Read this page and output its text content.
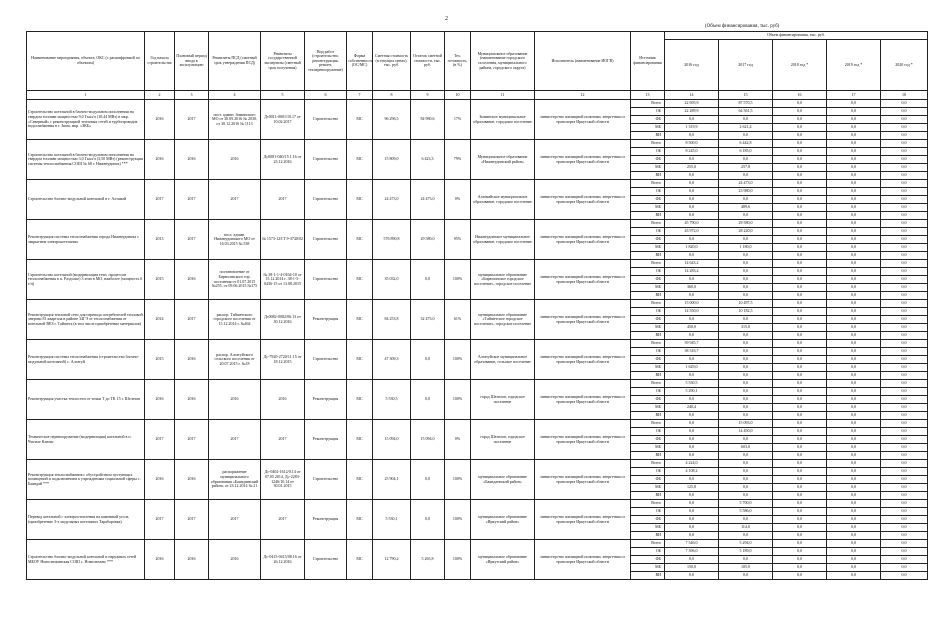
2
(Объем финансирования, тыс. руб)
Наименование мероприятия, объекта, ОКС (с расшифровкой по объектам)	Год начала строительства	Плановый период ввода в эксплуатацию	Реквизиты ПСД (сметный срок утверждения ПСД)	Реквизиты государственной экспертизы (сметный срок получения)	Вид работ (строительство, реконструкция, ремонт, техперевооружение)	Форма собственности (ОС/МС)	Сметная стоимость (в текущих ценах), тыс. руб.	Остаток сметной стоимости, тыс. руб.	Тех. готовность, (в %)	Муниципальное образование (наименование городского поселения, муниципального района, городского округа)	Исполнитель (наименование ИОГВ)	Источник финансирования	Объем финансирования, тыс. руб.				
													2016 год	2017 год	2018 год *	2019 год *	2020 год *
1	2	3	4	5	6	7	8	9	10	11	12	13	14	15	16	17	18
Строительство котельной в блочно-модульном исполнении на твердом топливе мощностью 9,0 Гкал/ч (10,44 МВт) в мкр. «Северный» с реконструкцией тепловых сетей и трубопроводов водоснабжения в г. Зима, мкр. «ЗКБ»	2016	2017	пост. админ. Зиминского МО от 30.09.2016 № 2030, от 30.12.2016 № 1113	Дс0011-0001/10.17 от 10.02.2017	Строительство	МС	96 296,5	84 980,6	17%	Зиминское муниципальное образование, городское поселение	министерство жилищной политики, энергетики и транспорта Иркутской области	Всего	22 695,9	87 570,5	0,0	0,0	0,0
												ОБ	22 289,9	64 561,5	0,0	0,0	0,0
												ФБ	0,0	0,0	0,0	0,0	0,0
												МБ	1 319,9	2 621,4	0,0	0,0	0,0
												ВИ	0,0	0,0	0,0	0,0	0,0
Строительство котельной в блочно-модульном исполнении на твердом топливе мощностью 3,0 Гкал/ч (3,50 МВт) (реконструкция системы теплоснабжения СОШ № 68 г. Нижнеудинск) ***	2016	2016	2016	Дс0081-040/15.1.16 от 23.12.2016	Строительство	МС	15 809,0	6 423,3	79%	Муниципальное образование «Нижнеудинский район»	министерство жилищной политики, энергетики и транспорта Иркутской области	Всего	8 500,0	6 442,8	0,0	0,0	0,0
												ОБ	8 245,0	6 185,0	0,0	0,0	0,0
												ФБ	0,0	0,0	0,0	0,0	0,0
												МБ	255,0	257,8	0,0	0,0	0,0
												ВИ	0,0	0,0	0,0	0,0	0,0
Строительство блочно-модульной котельной в г. Алзамай	2017	2017	2017	2017	Строительство	МС	24 473,0	24 473,0	0%	Алзамайское муниципальное образование, городское поселение	министерство жилищной политики, энергетики и транспорта Иркутской области	Всего	0,0	24 473,0	0,0	0,0	0,0
												ОБ	0,0	23 980,0	0,0	0,0	0,0
												ФБ	0,0	0,0	0,0	0,0	0,0
												МБ	0,0	489,6	0,0	0,0	0,0
												ВИ	0,0	0,0	0,0	0,0	0,0
Реконструкция системы теплоснабжения города Нижнеудинска с закрытием электрокотельных	2013	2017	пост. админ. Нижнеудинского МО от 16.03.2015 № 538	№ 1573-12/ГГЭ-3740/02	Строительство	МС	576 890,8	29 580,0	95%	Нижнеудинское муниципальное образование, городское поселение	министерство жилищной политики, энергетики и транспорта Иркутской области	Всего	45 790,0	29 580,0	0,0	0,0	0,0
												ОБ	43 972,0	28 220,0	0,0	0,0	0,0
												ФБ	0,0	0,0	0,0	0,0	0,0
												МБ	1 820,0	1 180,0	0,0	0,0	0,0
												ВИ	0,0	0,0	0,0	0,0	0,0
Строительство котельной (модернизация техн. процессов теплоснабжения в п. Раздолье) 3 этап в МО, наиболее (мощность 6 т/ч)	2015	2016	постановление от Бирюсинского гор. поселения от 01.07.2015 №255, от 09.06.2015 №175	№ 38-1-1-4-0164-10 от 15.12.2014 г. 38-1-5-0436-15 от 13.08.2015	Строительство	МС	35 032,0	0,0	100%	муниципальное образование «Бирюсинское городское поселение», городское поселение	министерство жилищной политики, энергетики и транспорта Иркутской области	Всего	14 643,2	0,0	0,0	0,0	0,0
												ОБ	14 283,2	0,0	0,0	0,0	0,0
												ФБ	0,0	0,0	0,0	0,0	0,0
												МБ	360,0	0,0	0,0	0,0	0,0
												ВИ	0,0	0,0	0,0	0,0	0,0
Реконструкция тепловой сети для перевода потребителей тепловой энергии 81 квартала в районе 34ГЭ от теплоснабжения от котельной ВЕЗ г. Тайшета (в том числе приобретение материалов)	2014	2017	распор. Тайшетского городского поселения от 15.12.2014 г. №464	Дс0082-0082/06.13 от 30.12.2016	Реконструкция	МС	84 253,8	32 473,0	61%	муниципальное образование «Тайшетское городское поселение», городское поселение	министерство жилищной политики, энергетики и транспорта Иркутской области	Всего	15 000,0	10 497,5	0,0	0,0	0,0
												ОБ	14 550,0	10 182,5	0,0	0,0	0,0
												ФБ	0,0	0,0	0,0	0,0	0,0
												МБ	450,0	315,0	0,0	0,0	0,0
												ВИ	0,0	0,0	0,0	0,0	0,0
Реконструкция системы теплоснабжения (строительство блочно-модульной котельной) с. Алгатуй	2015	2016	распор. Алгатуйского сельского поселения от 20.07.2015 г. №18	Дс-7920-2720/11.15 от 18.12.2015	Строительство	МС	47 309,3	0,0	100%	Алгатуйское муниципальное образование, сельское поселение	министерство жилищной политики, энергетики и транспорта Иркутской области	Всего	39 945,7	0,0	0,0	0,0	0,0
												ОБ	38 316,7	0,0	0,0	0,0	0,0
												ФБ	0,0	0,0	0,0	0,0	0,0
												МБ	1 629,0	0,0	0,0	0,0	0,0
												ВИ	0,0	0,0	0,0	0,0	0,0
Реконструкция участка теплосети от точки Т до ТК 15 г. Шелехов	2016	2016	2016	2016	Реконструкция	МС	5 530,5	0,0	100%	город Шелехов, городское поселение	министерство жилищной политики, энергетики и транспорта Иркутской области	Всего	5 530,5	0,0	0,0	0,0	0,0
												ОБ	5 290,1	0,0	0,0	0,0	0,0
												ФБ	0,0	0,0	0,0	0,0	0,0
												МБ	240,4	0,0	0,0	0,0	0,0
												ВИ	0,0	0,0	0,0	0,0	0,0
Техническое перевооружение (модернизация) котельной в п. Чистые Ключи	2017	2017	2017	2017	Реконструкция	МС	15 094,0	15 094,0	0%	город Шелехов, городское поселение	министерство жилищной политики, энергетики и транспорта Иркутской области	Всего	0,0	15 093,0	0,0	0,0	0,0
												ОБ	0,0	14 450,0	0,0	0,0	0,0
												ФБ	0,0	0,0	0,0	0,0	0,0
												МБ	0,0	603,0	0,0	0,0	0,0
												ВИ	0,0	0,0	0,0	0,0	0,0
Реконструкция теплоснабжения с обустройством пустующих помещений и подключением к учреждениям социальной сферы с. Баяндай ***	2016	2016	распоряжение муниципального образования «Баяндаевский район» от 23.12.2014 № 21	Дс-0402-1612/0.14 от 07.05.2014, Дс-2283-1246/10.14 от 30.01.2015	Строительство	МС	25 904,1	0,0	100%	муниципальное образование «Баяндаевский район»	министерство жилищной политики, энергетики и транспорта Иркутской области	Всего	4 224,0	0,0	0,0	0,0	0,0
												ОБ	4 108,2	0,0	0,0	0,0	0,0
												ФБ	0,0	0,0	0,0	0,0	0,0
												МБ	125,8	0,0	0,0	0,0	0,0
												ВИ	0,0	0,0	0,0	0,0	0,0
Перевод котельной с электроотопления на каменный уголь (приобретение 3-х модульных котельных Тарабаровка)	2017	2017	2017	2017	Реконструкция	МС	5 530,1	0,0	100%	муниципальное образование «Иркутский район»	министерство жилищной политики, энергетики и транспорта Иркутской области	Всего	0,0	5 700,0	0,0	0,0	0,0
												ОБ	0,0	5 586,0	0,0	0,0	0,0
												ФБ	0,0	0,0	0,0	0,0	0,0
												МБ	0,0	114,0	0,0	0,0	0,0
												ВИ	0,0	0,0	0,0	0,0	0,0
Строительство блочно-модульной котельной и наружных сетей МБОУ Новоснежинская СОШ с. Новоснежно ***	2016	2016	2016	Дс-0415-0415/08.16 от 26.12.2016	Строительство	МС	12 790,2	5 265,8	100%	муниципальное образование «Иркутский район»	министерство жилищной политики, энергетики и транспорта Иркутской области	Всего	7 546,0	5 294,0	0,0	0,0	0,0
												ОБ	7 396,0	5 189,0	0,0	0,0	0,0
												ФБ	0,0	0,0	0,0	0,0	0,0
												МБ	150,0	105,0	0,0	0,0	0,0
												ВИ	0,0	0,0	0,0	0,0	0,0
